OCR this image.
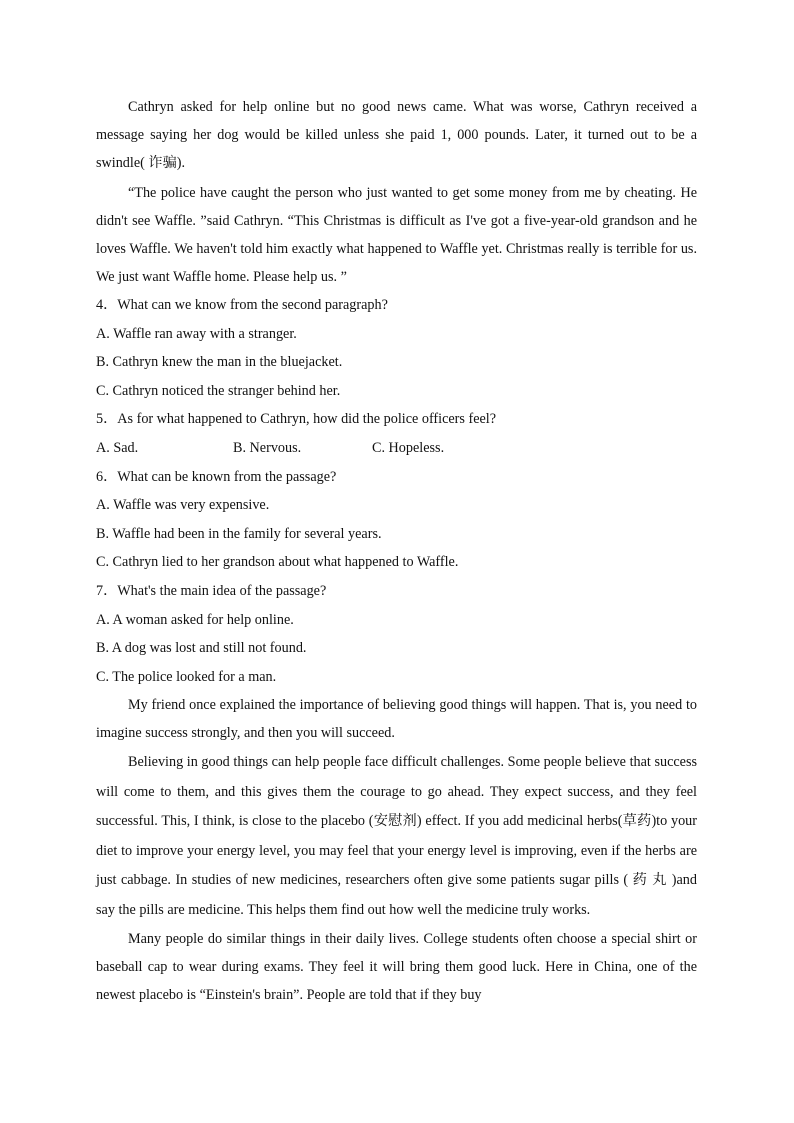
Cathryn asked for help online but no good news came. What was worse, Cathryn received a message saying her dog would be killed unless she paid 1, 000 pounds. Later, it turned out to be a swindle( 诈骗).
“The police have caught the person who just wanted to get some money from me by cheating. He didn't see Waffle. ”said Cathryn. “This Christmas is difficult as I've got a five-year-old grandson and he loves Waffle. We haven't told him exactly what happened to Waffle yet. Christmas really is terrible for us. We just want Waffle home. Please help us. ”
4．What can we know from the second paragraph?
A. Waffle ran away with a stranger.
B. Cathryn knew the man in the bluejacket.
C. Cathryn noticed the stranger behind her.
5．As for what happened to Cathryn, how did the police officers feel?
A. Sad.	B. Nervous.	C. Hopeless.
6．What can be known from the passage?
A. Waffle was very expensive.
B. Waffle had been in the family for several years.
C. Cathryn lied to her grandson about what happened to Waffle.
7．What's the main idea of the passage?
A. A woman asked for help online.
B. A dog was lost and still not found.
C. The police looked for a man.
My friend once explained the importance of believing good things will happen. That is, you need to imagine success strongly, and then you will succeed.
Believing in good things can help people face difficult challenges. Some people believe that success will come to them, and this gives them the courage to go ahead. They expect success, and they feel successful. This, I think, is close to the placebo (安慰剂) effect. If you add medicinal herbs(草药)to your diet to improve your energy level, you may feel that your energy level is improving, even if the herbs are just cabbage. In studies of new medicines, researchers often give some patients sugar pills ( 药 丸 )and say the pills are medicine. This helps them find out how well the medicine truly works.
Many people do similar things in their daily lives. College students often choose a special shirt or baseball cap to wear during exams. They feel it will bring them good luck. Here in China, one of the newest placebo is “Einstein's brain”. People are told that if they buy
